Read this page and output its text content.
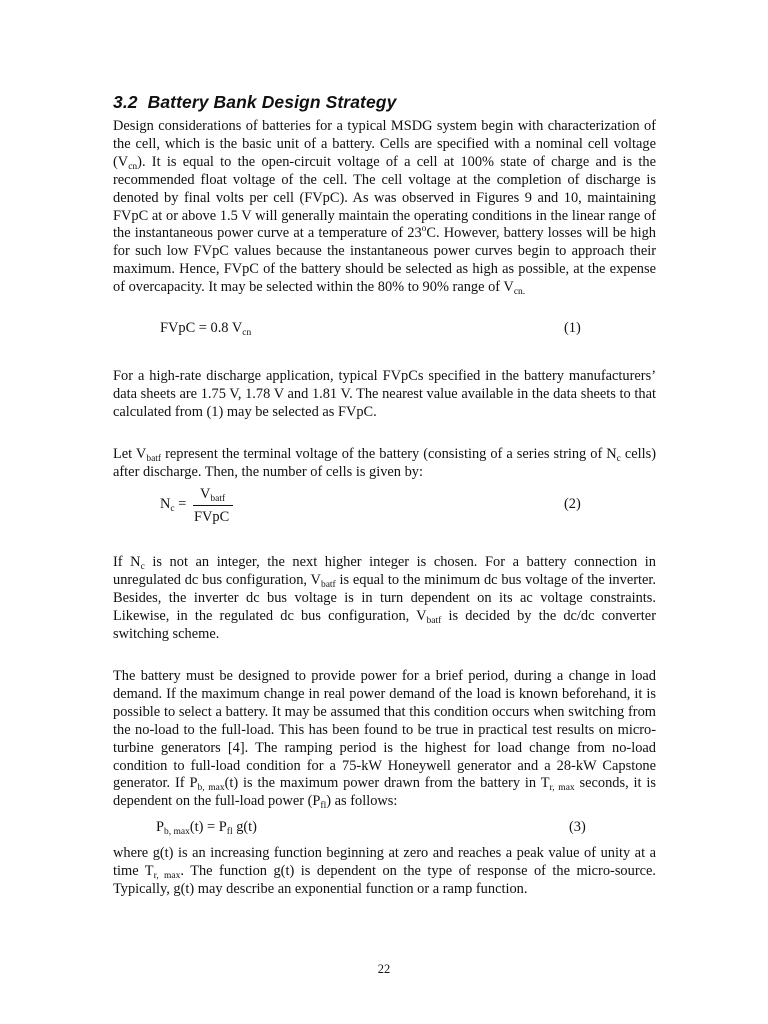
3.2 Battery Bank Design Strategy
Design considerations of batteries for a typical MSDG system begin with characterization of the cell, which is the basic unit of a battery. Cells are specified with a nominal cell voltage $(V_{cn})$. It is equal to the open-circuit voltage of a cell at 100% state of charge and is the recommended float voltage of the cell. The cell voltage at the completion of discharge is denoted by final volts per cell (FVpC). As was observed in Figures 9 and 10, maintaining FVpC at or above 1.5 V will generally maintain the operating conditions in the linear range of the instantaneous power curve at a temperature of 23$^o$C. However, battery losses will be high for such low FVpC values because the instantaneous power curves begin to approach their maximum. Hence, FVpC of the battery should be selected as high as possible, at the expense of overcapacity. It may be selected within the 80% to 90% range of $V_{cn.}$
FVpC = 0.8 $V_{cn}$	(1)
For a high-rate discharge application, typical FVpCs specified in the battery manufacturers’ data sheets are 1.75 V, 1.78 V and 1.81 V. The nearest value available in the data sheets to that calculated from (1) may be selected as FVpC.
Let $V_{batf}$ represent the terminal voltage of the battery (consisting of a series string of $N_c$ cells) after discharge. Then, the number of cells is given by:
$N_c$ =
$V_{batf}$
FVpC
(2)
If $N_c$ is not an integer, the next higher integer is chosen. For a battery connection in unregulated dc bus configuration, $V_{batf}$ is equal to the minimum dc bus voltage of the inverter. Besides, the inverter dc bus voltage is in turn dependent on its ac voltage constraints. Likewise, in the regulated dc bus configuration, $V_{batf}$ is decided by the dc/dc converter switching scheme.
The battery must be designed to provide power for a brief period, during a change in load demand. If the maximum change in real power demand of the load is known beforehand, it is possible to select a battery. It may be assumed that this condition occurs when switching from the no-load to the full-load. This has been found to be true in practical test results on micro-turbine generators [4]. The ramping period is the highest for load change from no-load condition to full-load condition for a 75-kW Honeywell generator and a 28-kW Capstone generator. If $P_{b, max}(t)$ is the maximum power drawn from the battery in $T_{r, max}$ seconds, it is dependent on the full-load power $(P_{fl})$ as follows:
$P_{b, max}(t) = P_{fl}$ g(t)	(3)
where g(t) is an increasing function beginning at zero and reaches a peak value of unity at a time $T_{r, max}$. The function g(t) is dependent on the type of response of the micro-source. Typically, g(t) may describe an exponential function or a ramp function.
22
